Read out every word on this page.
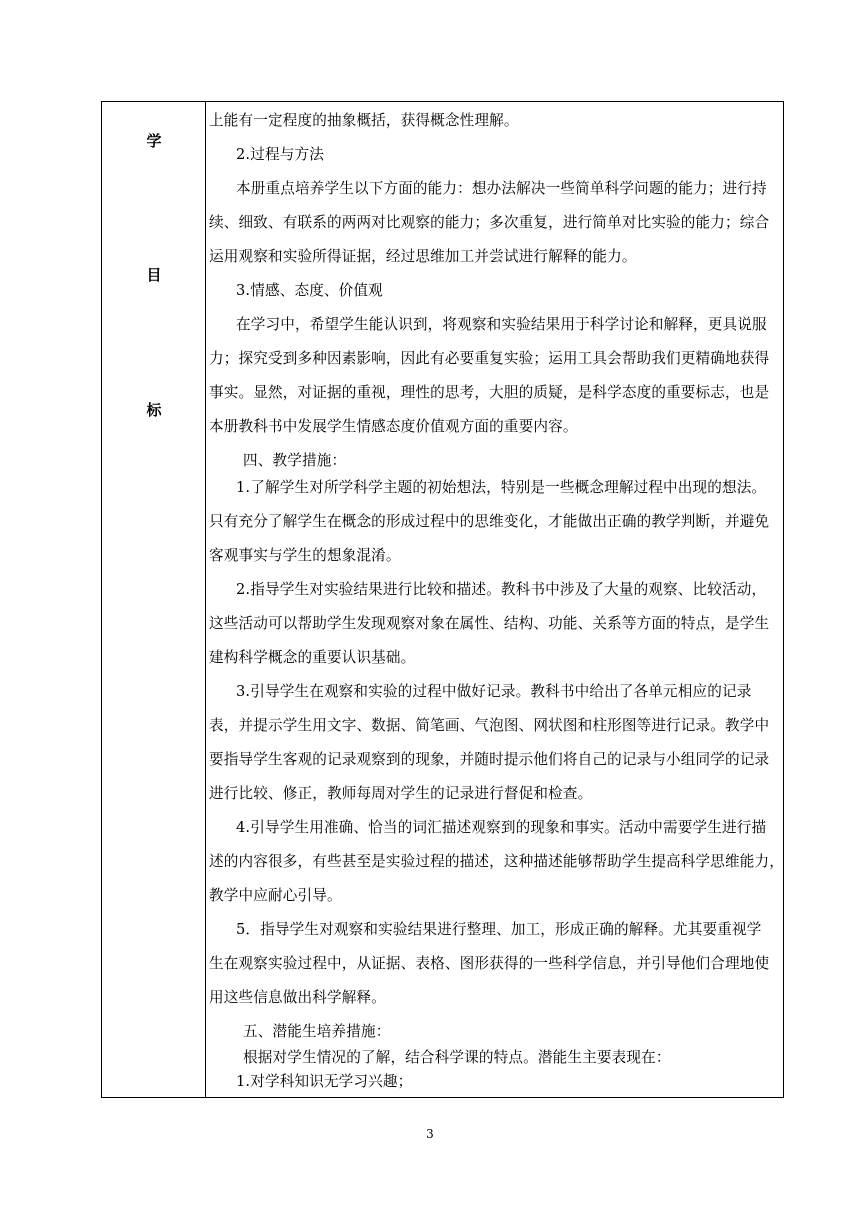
学
目
标
上能有一定程度的抽象概括，获得概念性理解。
2.过程与方法
本册重点培养学生以下方面的能力：想办法解决一些简单科学问题的能力；进行持
续、细致、有联系的两两对比观察的能力；多次重复，进行简单对比实验的能力；综合
运用观察和实验所得证据，经过思维加工并尝试进行解释的能力。
3.情感、态度、价值观
在学习中，希望学生能认识到，将观察和实验结果用于科学讨论和解释，更具说服
力；探究受到多种因素影响，因此有必要重复实验；运用工具会帮助我们更精确地获得
事实。显然，对证据的重视，理性的思考，大胆的质疑，是科学态度的重要标志，也是
本册教科书中发展学生情感态度价值观方面的重要内容。
四、教学措施：
1.了解学生对所学科学主题的初始想法，特别是一些概念理解过程中出现的想法。
只有充分了解学生在概念的形成过程中的思维变化，才能做出正确的教学判断，并避免
客观事实与学生的想象混淆。
2.指导学生对实验结果进行比较和描述。教科书中涉及了大量的观察、比较活动，
这些活动可以帮助学生发现观察对象在属性、结构、功能、关系等方面的特点，是学生
建构科学概念的重要认识基础。
3.引导学生在观察和实验的过程中做好记录。教科书中给出了各单元相应的记录
表，并提示学生用文字、数据、简笔画、气泡图、网状图和柱形图等进行记录。教学中
要指导学生客观的记录观察到的现象，并随时提示他们将自己的记录与小组同学的记录
进行比较、修正，教师每周对学生的记录进行督促和检查。
4.引导学生用准确、恰当的词汇描述观察到的现象和事实。活动中需要学生进行描
述的内容很多，有些甚至是实验过程的描述，这种描述能够帮助学生提高科学思维能力，
教学中应耐心引导。
5．指导学生对观察和实验结果进行整理、加工，形成正确的解释。尤其要重视学
生在观察实验过程中，从证据、表格、图形获得的一些科学信息，并引导他们合理地使
用这些信息做出科学解释。
五、潜能生培养措施：
根据对学生情况的了解，结合科学课的特点。潜能生主要表现在：
1.对学科知识无学习兴趣；
3
